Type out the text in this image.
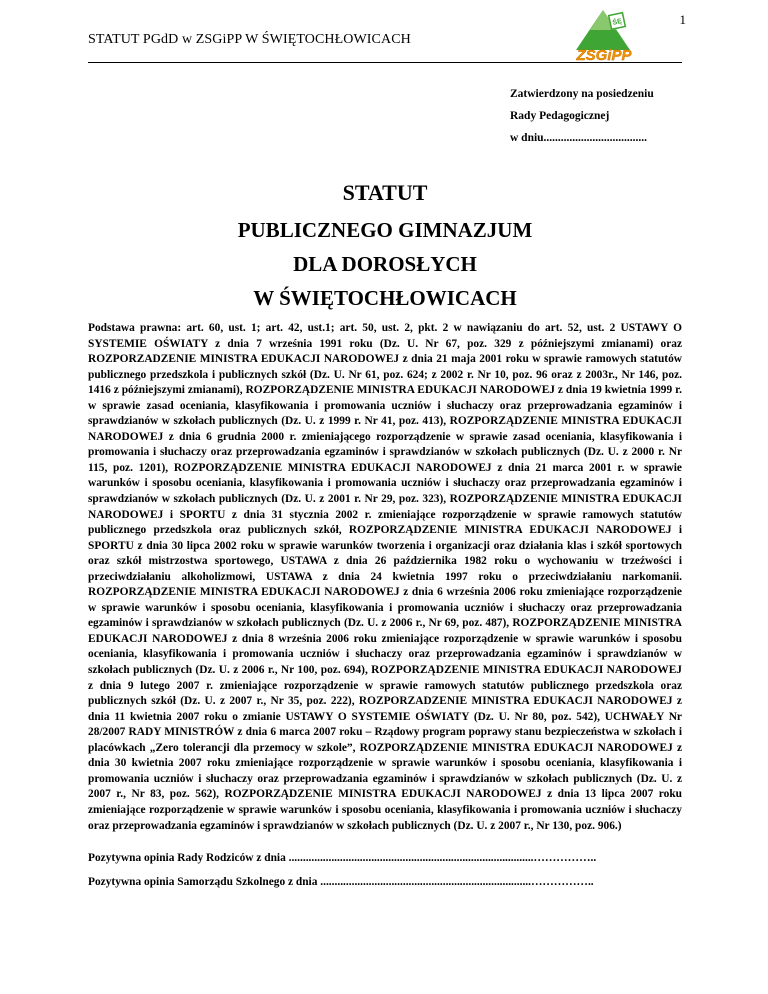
1
STATUT PGdD w ZSGiPP W ŚWIĘTOCHŁOWICACH
ŚĘ
ZSGiPP
Zatwierdzony na posiedzeniu
Rady Pedagogicznej
w dniu....................................
STATUT
PUBLICZNEGO GIMNAZJUM
DLA DOROSŁYCH
W ŚWIĘTOCHŁOWICACH

Podstawa prawna: art. 60, ust. 1; art. 42, ust.1; art. 50, ust. 2, pkt. 2 w nawiązaniu do art. 52, ust. 2 USTAWY O SYSTEMIE OŚWIATY z dnia 7 września 1991 roku (Dz. U. Nr 67, poz. 329 z późniejszymi zmianami) oraz ROZPORZADZENIE MINISTRA EDUKACJI NARODOWEJ z dnia 21 maja 2001 roku w sprawie ramowych statutów publicznego przedszkola i publicznych szkół (Dz. U. Nr 61, poz. 624; z 2002 r. Nr 10, poz. 96 oraz z 2003r., Nr 146, poz. 1416 z późniejszymi zmianami), ROZPORZĄDZENIE MINISTRA EDUKACJI NARODOWEJ z dnia 19 kwietnia 1999 r. w sprawie zasad oceniania, klasyfikowania i promowania uczniów i słuchaczy oraz przeprowadzania egzaminów i sprawdzianów w szkołach publicznych (Dz. U. z 1999 r. Nr 41, poz. 413), ROZPORZĄDZENIE MINISTRA EDUKACJI NARODOWEJ z dnia 6 grudnia 2000 r. zmieniającego rozporządzenie w sprawie zasad oceniania, klasyfikowania i promowania i słuchaczy oraz przeprowadzania egzaminów i sprawdzianów w szkołach publicznych (Dz. U. z 2000 r. Nr 115, poz. 1201), ROZPORZĄDZENIE MINISTRA EDUKACJI NARODOWEJ z dnia 21 marca 2001 r. w sprawie warunków i sposobu oceniania, klasyfikowania i promowania uczniów i słuchaczy oraz przeprowadzania egzaminów i sprawdzianów w szkołach publicznych (Dz. U. z 2001 r. Nr 29, poz. 323), ROZPORZĄDZENIE MINISTRA EDUKACJI NARODOWEJ i SPORTU z dnia 31 stycznia 2002 r. zmieniające rozporządzenie w sprawie ramowych statutów publicznego przedszkola oraz publicznych szkół, ROZPORZĄDZENIE MINISTRA EDUKACJI NARODOWEJ i SPORTU z dnia 30 lipca 2002 roku w sprawie warunków tworzenia i organizacji oraz działania klas i szkół sportowych oraz szkół mistrzostwa sportowego, USTAWA z dnia 26 października 1982 roku o wychowaniu w trzeźwości i przeciwdziałaniu alkoholizmowi, USTAWA z dnia 24 kwietnia 1997 roku o przeciwdziałaniu narkomanii. ROZPORZĄDZENIE MINISTRA EDUKACJI NARODOWEJ z dnia 6 września 2006 roku zmieniające rozporządzenie w sprawie warunków i sposobu oceniania, klasyfikowania i promowania uczniów i słuchaczy oraz przeprowadzania egzaminów i sprawdzianów w szkołach publicznych (Dz. U. z 2006 r., Nr 69, poz. 487), ROZPORZĄDZENIE MINISTRA EDUKACJI NARODOWEJ z dnia 8 września 2006 roku zmieniające rozporządzenie w sprawie warunków i sposobu oceniania, klasyfikowania i promowania uczniów i słuchaczy oraz przeprowadzania egzaminów i sprawdzianów w szkołach publicznych (Dz. U. z 2006 r., Nr 100, poz. 694), ROZPORZĄDZENIE MINISTRA EDUKACJI NARODOWEJ z dnia 9 lutego 2007 r. zmieniające rozporządzenie w sprawie ramowych statutów publicznego przedszkola oraz publicznych szkół (Dz. U. z 2007 r., Nr 35, poz. 222), ROZPORZADZENIE MINISTRA EDUKACJI NARODOWEJ z dnia 11 kwietnia 2007 roku o zmianie USTAWY O SYSTEMIE OŚWIATY (Dz. U. Nr 80, poz. 542), UCHWAŁY Nr 28/2007 RADY MINISTRÓW z dnia 6 marca 2007 roku – Rządowy program poprawy stanu bezpieczeństwa w szkołach i placówkach „Zero tolerancji dla przemocy w szkole”, ROZPORZĄDZENIE MINISTRA EDUKACJI NARODOWEJ z dnia 30 kwietnia 2007 roku zmieniające rozporządzenie w sprawie warunków i sposobu oceniania, klasyfikowania i promowania uczniów i słuchaczy oraz przeprowadzania egzaminów i sprawdzianów w szkołach publicznych (Dz. U. z 2007 r., Nr 83, poz. 562), ROZPORZĄDZENIE MINISTRA EDUKACJI NARODOWEJ z dnia 13 lipca 2007 roku zmieniające rozporządzenie w sprawie warunków i sposobu oceniania, klasyfikowania i promowania uczniów i słuchaczy oraz przeprowadzania egzaminów i sprawdzianów w szkołach publicznych (Dz. U. z 2007 r., Nr 130, poz. 906.)

Pozytywna opinia Rady Rodziców z dnia ......................................................................................……………..
Pozytywna opinia Samorządu Szkolnego z dnia ..........................................................................……………..
